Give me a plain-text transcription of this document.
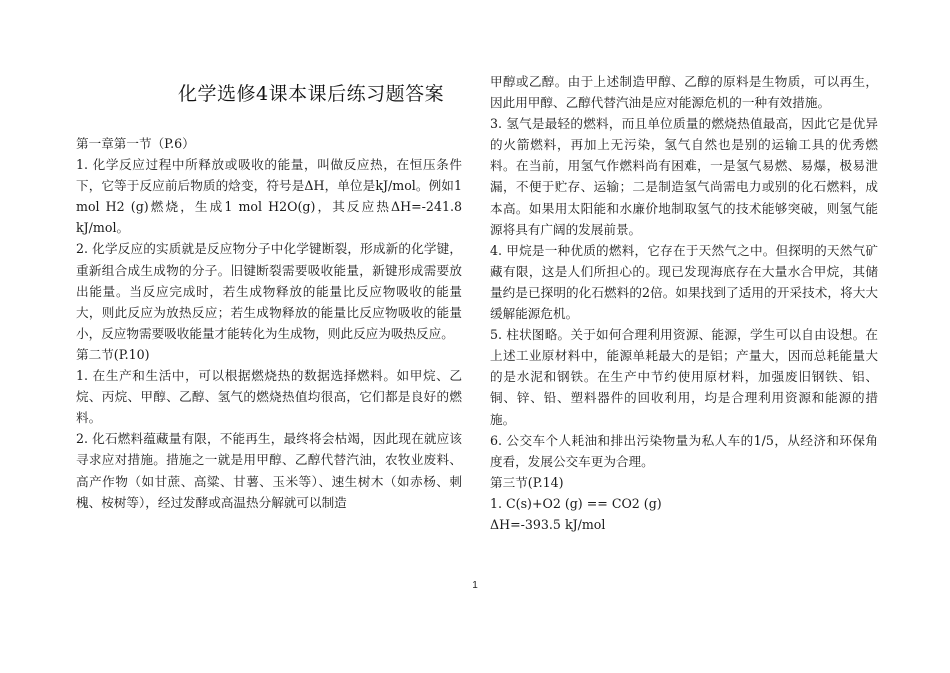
化学选修4课本课后练习题答案

第一章第一节（P.6）

1. 化学反应过程中所释放或吸收的能量，叫做反应热，在恒压条件下，它等于反应前后物质的焓变，符号是ΔH，单位是kJ/mol。例如1 mol H2 (g)燃烧，生成1 mol H2O(g)，其反应热ΔH=-241.8 kJ/mol。

2. 化学反应的实质就是反应物分子中化学键断裂，形成新的化学键，重新组合成生成物的分子。旧键断裂需要吸收能量，新键形成需要放出能量。当反应完成时，若生成物释放的能量比反应物吸收的能量大，则此反应为放热反应；若生成物释放的能量比反应物吸收的能量小，反应物需要吸收能量才能转化为生成物，则此反应为吸热反应。

第二节(P.10)

1. 在生产和生活中，可以根据燃烧热的数据选择燃料。如甲烷、乙烷、丙烷、甲醇、乙醇、氢气的燃烧热值均很高，它们都是良好的燃料。

2. 化石燃料蕴藏量有限，不能再生，最终将会枯竭，因此现在就应该寻求应对措施。措施之一就是用甲醇、乙醇代替汽油，农牧业废料、高产作物（如甘蔗、高粱、甘薯、玉米等）、速生树木（如赤杨、刺槐、桉树等），经过发酵或高温热分解就可以制造

甲醇或乙醇。由于上述制造甲醇、乙醇的原料是生物质，可以再生，因此用甲醇、乙醇代替汽油是应对能源危机的一种有效措施。

3. 氢气是最轻的燃料，而且单位质量的燃烧热值最高，因此它是优异的火箭燃料，再加上无污染，氢气自然也是别的运输工具的优秀燃料。在当前，用氢气作燃料尚有困难，一是氢气易燃、易爆，极易泄漏，不便于贮存、运输；二是制造氢气尚需电力或别的化石燃料，成本高。如果用太阳能和水廉价地制取氢气的技术能够突破，则氢气能源将具有广阔的发展前景。

4. 甲烷是一种优质的燃料，它存在于天然气之中。但探明的天然气矿藏有限，这是人们所担心的。现已发现海底存在大量水合甲烷，其储量约是已探明的化石燃料的2倍。如果找到了适用的开采技术，将大大缓解能源危机。

5. 柱状图略。关于如何合理利用资源、能源，学生可以自由设想。在上述工业原材料中，能源单耗最大的是铝；产量大，因而总耗能量大的是水泥和钢铁。在生产中节约使用原材料，加强废旧钢铁、铝、铜、锌、铅、塑料器件的回收利用，均是合理利用资源和能源的措施。

6. 公交车个人耗油和排出污染物量为私人车的1/5，从经济和环保角度看，发展公交车更为合理。

第三节(P.14)

1. C(s)+O2 (g) == CO2 (g)

ΔH=-393.5 kJ/mol

1
